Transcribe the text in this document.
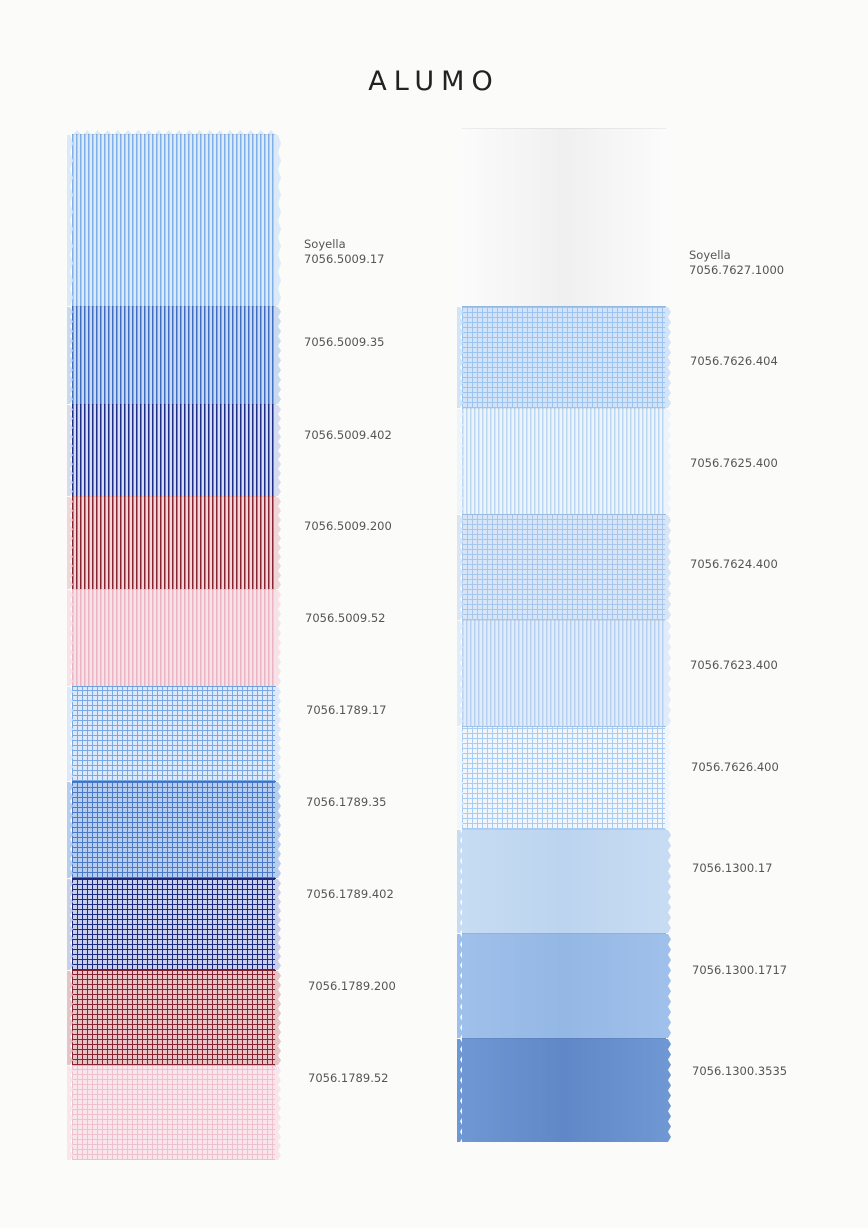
ALUMO
Soyella
7056.5009.17
7056.5009.35
7056.5009.402
7056.5009.200
7056.5009.52
7056.1789.17
7056.1789.35
7056.1789.402
7056.1789.200
7056.1789.52
Soyella
7056.7627.1000
7056.7626.404
7056.7625.400
7056.7624.400
7056.7623.400
7056.7626.400
7056.1300.17
7056.1300.1717
7056.1300.3535
